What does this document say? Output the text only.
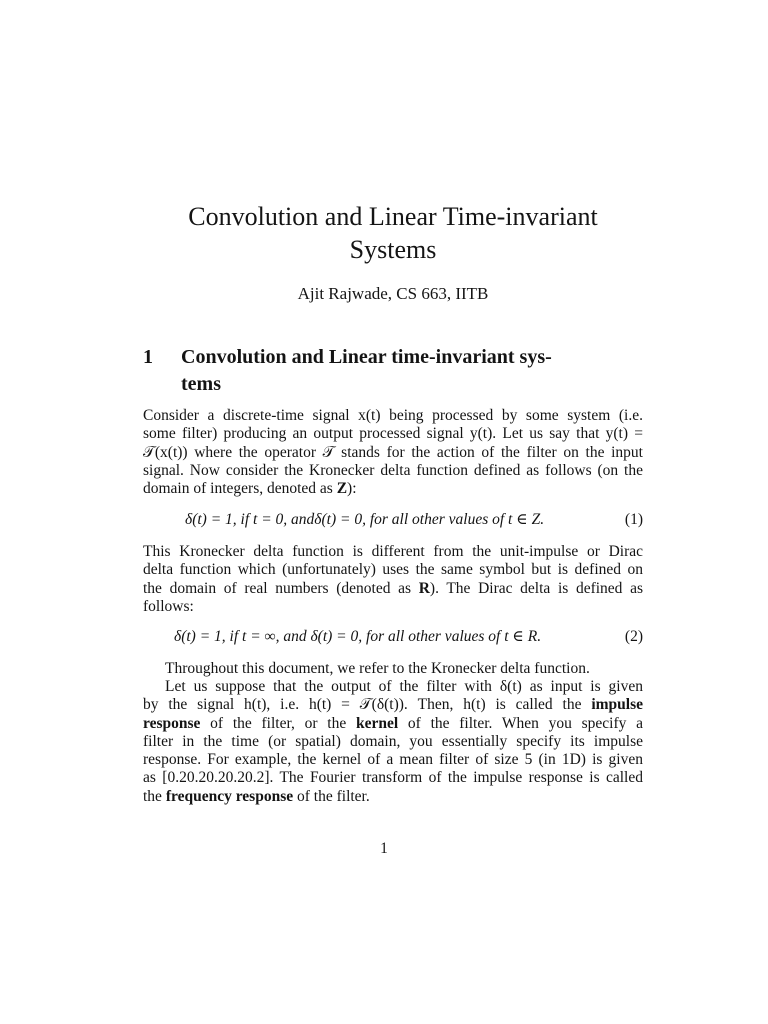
Convolution and Linear Time-invariant
Systems
Ajit Rajwade, CS 663, IITB
1 Convolution and Linear time-invariant sys-
tems
Consider a discrete-time signal x(t) being processed by some system (i.e.
some filter) producing an output processed signal y(t). Let us say that y(t) =
𝒯(x(t)) where the operator 𝒯 stands for the action of the filter on the input
signal. Now consider the Kronecker delta function defined as follows (on the
domain of integers, denoted as Z):
δ(t) = 1, if t = 0, andδ(t) = 0, for all other values of t ∈ Z.	(1)
This Kronecker delta function is different from the unit-impulse or Dirac
delta function which (unfortunately) uses the same symbol but is defined on
the domain of real numbers (denoted as R). The Dirac delta is defined as
follows:
δ(t) = 1, if t = ∞, and δ(t) = 0, for all other values of t ∈ R.	(2)
Throughout this document, we refer to the Kronecker delta function.
Let us suppose that the output of the filter with δ(t) as input is given
by the signal h(t), i.e. h(t) = 𝒯(δ(t)). Then, h(t) is called the impulse
response of the filter, or the kernel of the filter. When you specify a
filter in the time (or spatial) domain, you essentially specify its impulse
response. For example, the kernel of a mean filter of size 5 (in 1D) is given
as [0.20.20.20.20.2]. The Fourier transform of the impulse response is called
the frequency response of the filter.
1
